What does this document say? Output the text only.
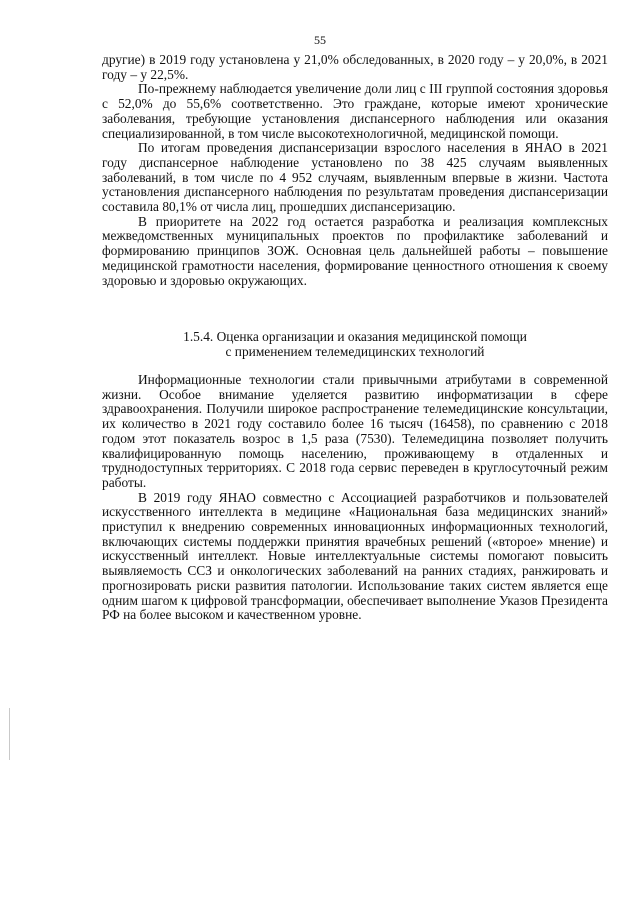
55

другие) в 2019 году установлена у 21,0% обследованных, в 2020 году – у 20,0%, в 2021 году – у 22,5%.

По-прежнему наблюдается увеличение доли лиц с III группой состояния здоровья с 52,0% до 55,6% соответственно. Это граждане, которые имеют хронические заболевания, требующие установления диспансерного наблюдения или оказания специализированной, в том числе высокотехнологичной, медицинской помощи.

По итогам проведения диспансеризации взрослого населения в ЯНАО в 2021 году диспансерное наблюдение установлено по 38 425 случаям выявленных заболеваний, в том числе по 4 952 случаям, выявленным впервые в жизни. Частота установления диспансерного наблюдения по результатам проведения диспансеризации составила 80,1% от числа лиц, прошедших диспансеризацию.

В приоритете на 2022 год остается разработка и реализация комплексных межведомственных муниципальных проектов по профилактике заболеваний и формированию принципов ЗОЖ. Основная цель дальнейшей работы – повышение медицинской грамотности населения, формирование ценностного отношения к своему здоровью и здоровью окружающих.

1.5.4. Оценка организации и оказания медицинской помощи
с применением телемедицинских технологий

Информационные технологии стали привычными атрибутами в современной жизни. Особое внимание уделяется развитию информатизации в сфере здравоохранения. Получили широкое распространение телемедицинские консультации, их количество в 2021 году составило более 16 тысяч (16458), по сравнению с 2018 годом этот показатель возрос в 1,5 раза (7530). Телемедицина позволяет получить квалифицированную помощь населению, проживающему в отдаленных и труднодоступных территориях. С 2018 года сервис переведен в круглосуточный режим работы.

В 2019 году ЯНАО совместно с Ассоциацией разработчиков и пользователей искусственного интеллекта в медицине «Национальная база медицинских знаний» приступил к внедрению современных инновационных информационных технологий, включающих системы поддержки принятия врачебных решений («второе» мнение) и искусственный интеллект. Новые интеллектуальные системы помогают повысить выявляемость ССЗ и онкологических заболеваний на ранних стадиях, ранжировать и прогнозировать риски развития патологии. Использование таких систем является еще одним шагом к цифровой трансформации, обеспечивает выполнение Указов Президента РФ на более высоком и качественном уровне.
